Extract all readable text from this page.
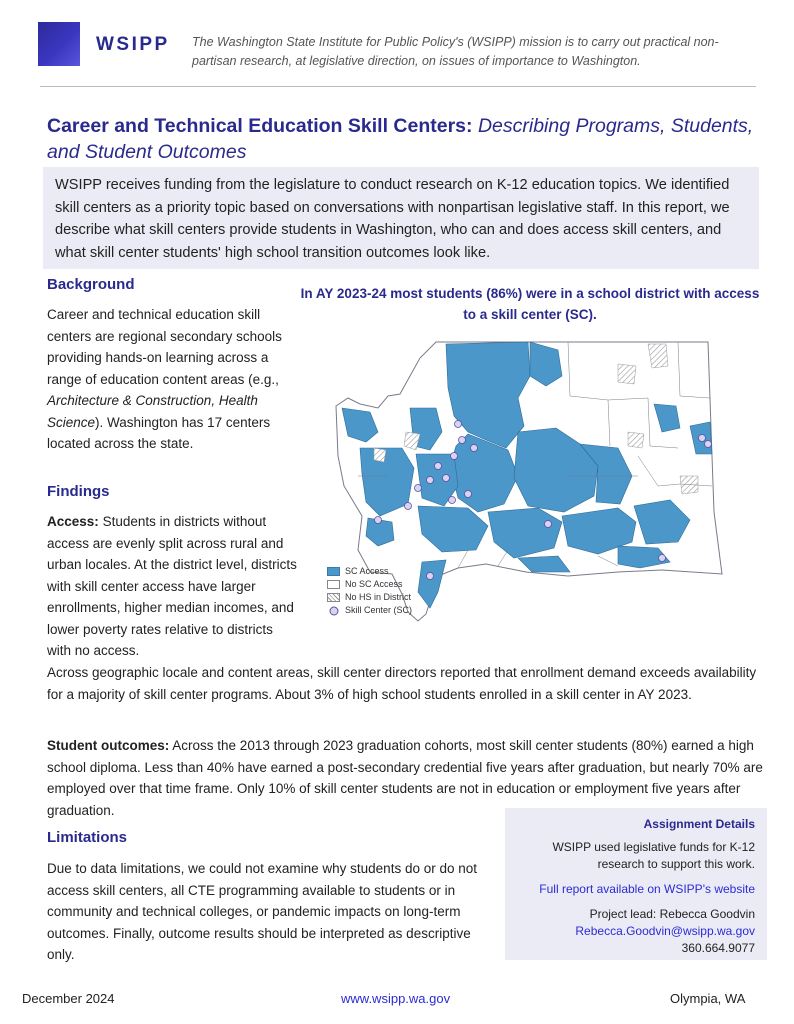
WSIPP The Washington State Institute for Public Policy's (WSIPP) mission is to carry out practical non-partisan research, at legislative direction, on issues of importance to Washington.
Career and Technical Education Skill Centers: Describing Programs, Students, and Student Outcomes
WSIPP receives funding from the legislature to conduct research on K-12 education topics. We identified skill centers as a priority topic based on conversations with nonpartisan legislative staff. In this report, we describe what skill centers provide students in Washington, who can and does access skill centers, and what skill center students' high school transition outcomes look like.
Background
Career and technical education skill centers are regional secondary schools providing hands-on learning across a range of education content areas (e.g., Architecture & Construction, Health Science). Washington has 17 centers located across the state.
Findings
Access: Students in districts without access are evenly split across rural and urban locales. At the district level, districts with skill center access have larger enrollments, higher median incomes, and lower poverty rates relative to districts with no access.
Across geographic locale and content areas, skill center directors reported that enrollment demand exceeds availability for a majority of skill center programs. About 3% of high school students enrolled in a skill center in AY 2023.
Student outcomes: Across the 2013 through 2023 graduation cohorts, most skill center students (80%) earned a high school diploma. Less than 40% have earned a post-secondary credential five years after graduation, but nearly 70% are employed over that time frame. Only 10% of skill center students are not in education or employment five years after graduation.
Limitations
Due to data limitations, we could not examine why students do or do not access skill centers, all CTE programming available to students or in community and technical colleges, or pandemic impacts on long-term outcomes. Finally, outcome results should be interpreted as descriptive only.
In AY 2023-24 most students (86%) were in a school district with access to a skill center (SC).
SC Access
No SC Access
No HS in District
Skill Center (SC)
Assignment Details
WSIPP used legislative funds for K-12 research to support this work.
Full report available on WSIPP's website
Project lead: Rebecca Goodvin
Rebecca.Goodvin@wsipp.wa.gov
360.664.9077
December 2024	www.wsipp.wa.gov	Olympia, WA
